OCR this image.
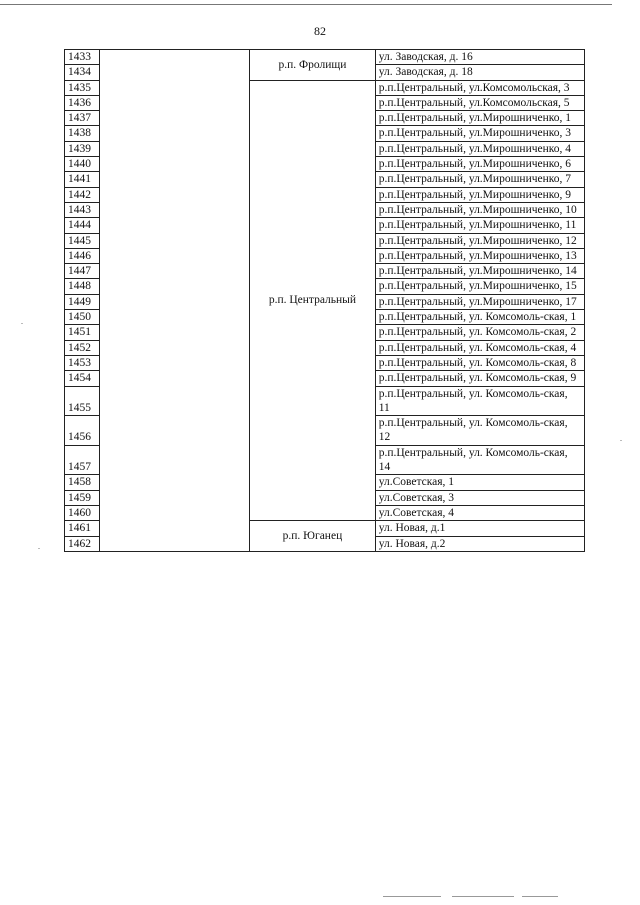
82
1433		р.п. Фролищи	ул. Заводская, д. 16
1434			ул. Заводская, д. 18
1435		р.п. Центральный	р.п.Центральный, ул.Комсомольская, 3
1436			р.п.Центральный, ул.Комсомольская, 5
1437			р.п.Центральный, ул.Мирошниченко, 1
1438			р.п.Центральный, ул.Мирошниченко, 3
1439			р.п.Центральный, ул.Мирошниченко, 4
1440			р.п.Центральный, ул.Мирошниченко, 6
1441			р.п.Центральный, ул.Мирошниченко, 7
1442			р.п.Центральный, ул.Мирошниченко, 9
1443			р.п.Центральный, ул.Мирошниченко, 10
1444			р.п.Центральный, ул.Мирошниченко, 11
1445			р.п.Центральный, ул.Мирошниченко, 12
1446			р.п.Центральный, ул.Мирошниченко, 13
1447			р.п.Центральный, ул.Мирошниченко, 14
1448			р.п.Центральный, ул.Мирошниченко, 15
1449			р.п.Центральный, ул.Мирошниченко, 17
1450			р.п.Центральный, ул. Комсомоль-ская, 1
1451			р.п.Центральный, ул. Комсомоль-ская, 2
1452			р.п.Центральный, ул. Комсомоль-ская, 4
1453			р.п.Центральный, ул. Комсомоль-ская, 8
1454			р.п.Центральный, ул. Комсомоль-ская, 9
1455			р.п.Центральный, ул. Комсомоль-ская, 11
1456			р.п.Центральный, ул. Комсомоль-ская, 12
1457			р.п.Центральный, ул. Комсомоль-ская, 14
1458			ул.Советская, 1
1459			ул.Советская, 3
1460			ул.Советская, 4
1461		р.п. Юганец	ул. Новая, д.1
1462			ул. Новая, д.2
